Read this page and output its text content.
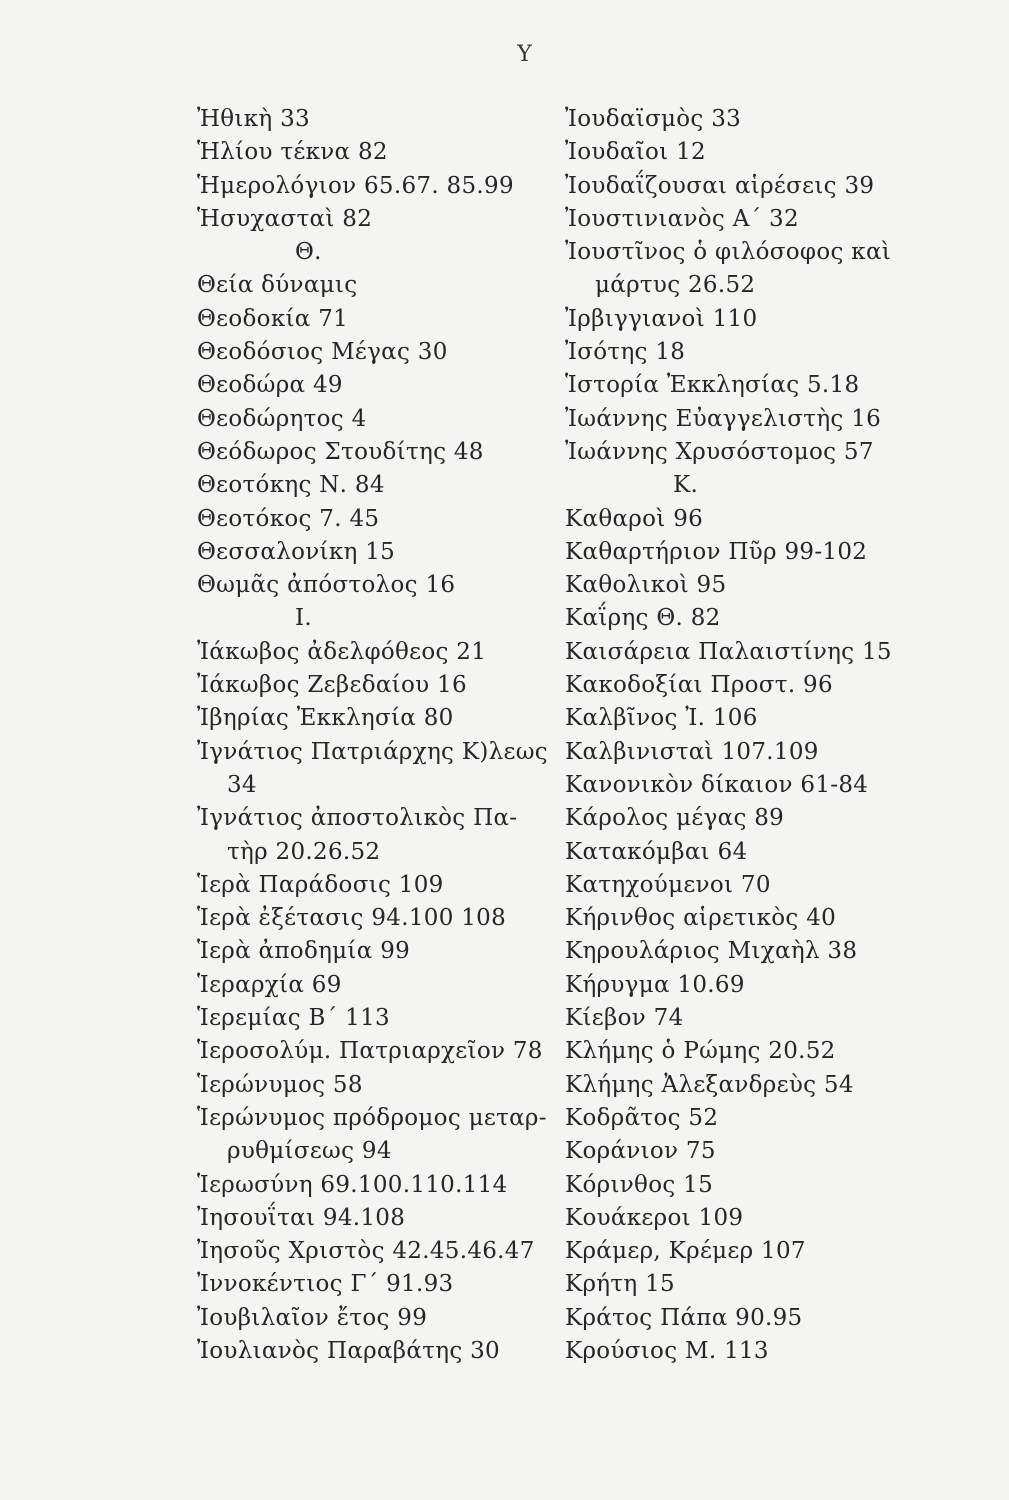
Υ
Ἠθικὴ 33
Ἡλίου τέκνα 82
Ἡμερολόγιον 65.67. 85.99
Ἡσυχασταὶ 82
Θ.
Θεία δύναμις
Θεοδοκία 71
Θεοδόσιος Μέγας 30
Θεοδώρα 49
Θεοδώρητος 4
Θεόδωρος Στουδίτης 48
Θεοτόκης Ν. 84
Θεοτόκος 7. 45
Θεσσαλονίκη 15
Θωμᾶς ἀπόστολος 16
Ι.
Ἰάκωβος ἀδελφόθεος 21
Ἰάκωβος Ζεβεδαίου 16
Ἰβηρίας Ἐκκλησία 80
Ἰγνάτιος Πατριάρχης Κ)λεως
34
Ἰγνάτιος ἀποστολικὸς Πα-
τὴρ 20.26.52
Ἱερὰ Παράδοσις 109
Ἱερὰ ἐξέτασις 94.100 108
Ἱερὰ ἀποδημία 99
Ἱεραρχία 69
Ἱερεμίας Β΄ 113
Ἱεροσολύμ. Πατριαρχεῖον 78
Ἱερώνυμος 58
Ἱερώνυμος πρόδρομος μεταρ-
ρυθμίσεως 94
Ἱερωσύνη 69.100.110.114
Ἰησουΐται 94.108
Ἰησοῦς Χριστὸς 42.45.46.47
Ἰννοκέντιος Γ΄ 91.93
Ἰουβιλαῖον ἔτος 99
Ἰουλιανὸς Παραβάτης 30
Ἰουδαϊσμὸς 33
Ἰουδαῖοι 12
Ἰουδαΐζουσαι αἱρέσεις 39
Ἰουστινιανὸς Α΄ 32
Ἰουστῖνος ὁ φιλόσοφος καὶ
μάρτυς 26.52
Ἰρβιγγιανοὶ 110
Ἰσότης 18
Ἱστορία Ἐκκλησίας 5.18
Ἰωάννης Εὐαγγελιστὴς 16
Ἰωάννης Χρυσόστομος 57
Κ.
Καθαροὶ 96
Καθαρτήριον Πῦρ 99-102
Καθολικοὶ 95
Καΐρης Θ. 82
Καισάρεια Παλαιστίνης 15
Κακοδοξίαι Προστ. 96
Καλβῖνος Ἰ. 106
Καλβινισταὶ 107.109
Κανονικὸν δίκαιον 61-84
Κάρολος μέγας 89
Κατακόμβαι 64
Κατηχούμενοι 70
Κήρινθος αἱρετικὸς 40
Κηρουλάριος Μιχαὴλ 38
Κήρυγμα 10.69
Κίεβον 74
Κλήμης ὁ Ρώμης 20.52
Κλήμης Ἀλεξανδρεὺς 54
Κοδρᾶτος 52
Κοράνιον 75
Κόρινθος 15
Κουάκεροι 109
Κράμερ, Κρέμερ 107
Κρήτη 15
Κράτος Πάπα 90.95
Κρούσιος Μ. 113
